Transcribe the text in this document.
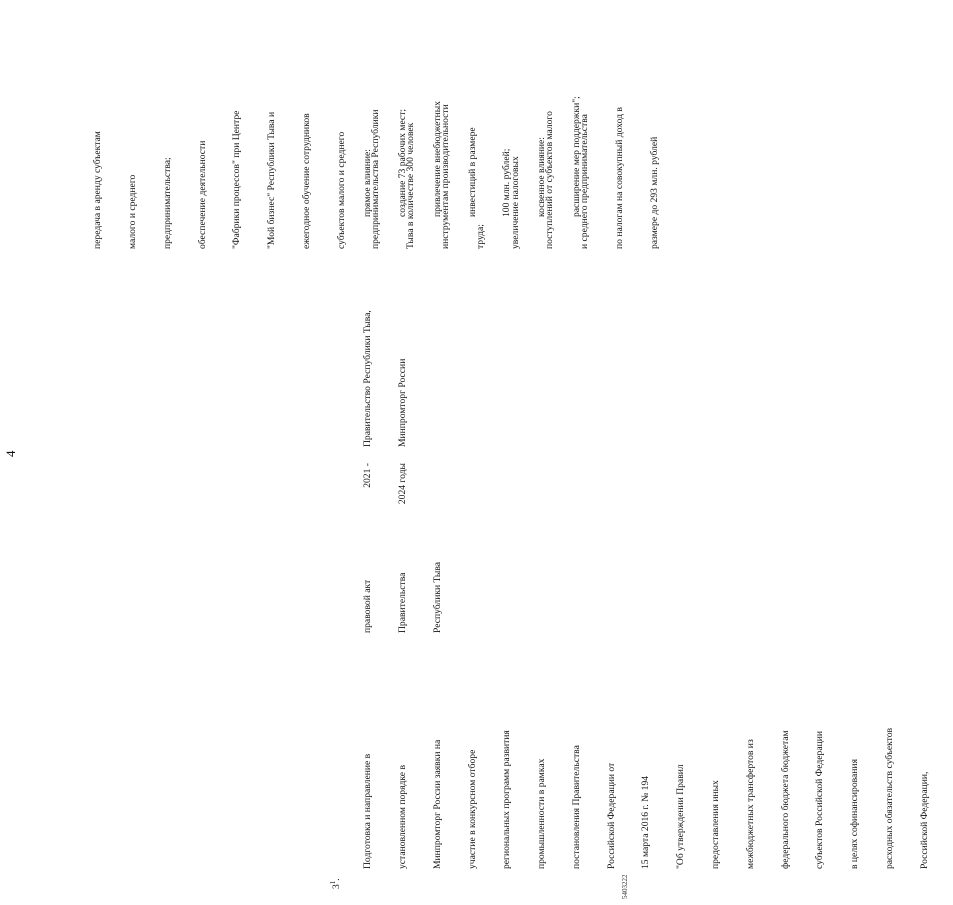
4

передача в аренду субъектам

малого и среднего

предпринимательства;

обеспечение деятельности

"Фабрики процессов" при Центре

"Мой бизнес" Республики Тыва и

ежегодное обучение сотрудников

субъектов малого и среднего

предпринимательства Республики

Тыва в количестве 300 человек

инструментам производительности

труда;

увеличение налоговых

поступлений от субъектов малого

и среднего предпринимательства

по налогам на совокупный доход в

размере до 293 млн. рублей

$3^1$.

Подготовка и направление в

установленном порядке в

Минпромторг России заявки на

участие в конкурсном отборе

региональных программ развития

промышленности в рамках

постановления Правительства

Российской Федерации от

15 марта 2016 г. № 194

"Об утверждении Правил

предоставления иных

межбюджетных трансфертов из

федерального бюджета бюджетам

субъектов Российской Федерации

в целях софинансирования

расходных обязательств субъектов

Российской Федерации,

правовой акт

Правительства

Республики Тыва

2021 -

2024 годы

Правительство Республики Тыва,

Минпромторг России

прямое влияние:

создание 73 рабочих мест;

привлечение внебюджетных

инвестиций в размере

100 млн. рублей;

косвенное влияние:

расширение мер поддержки";

5403222
